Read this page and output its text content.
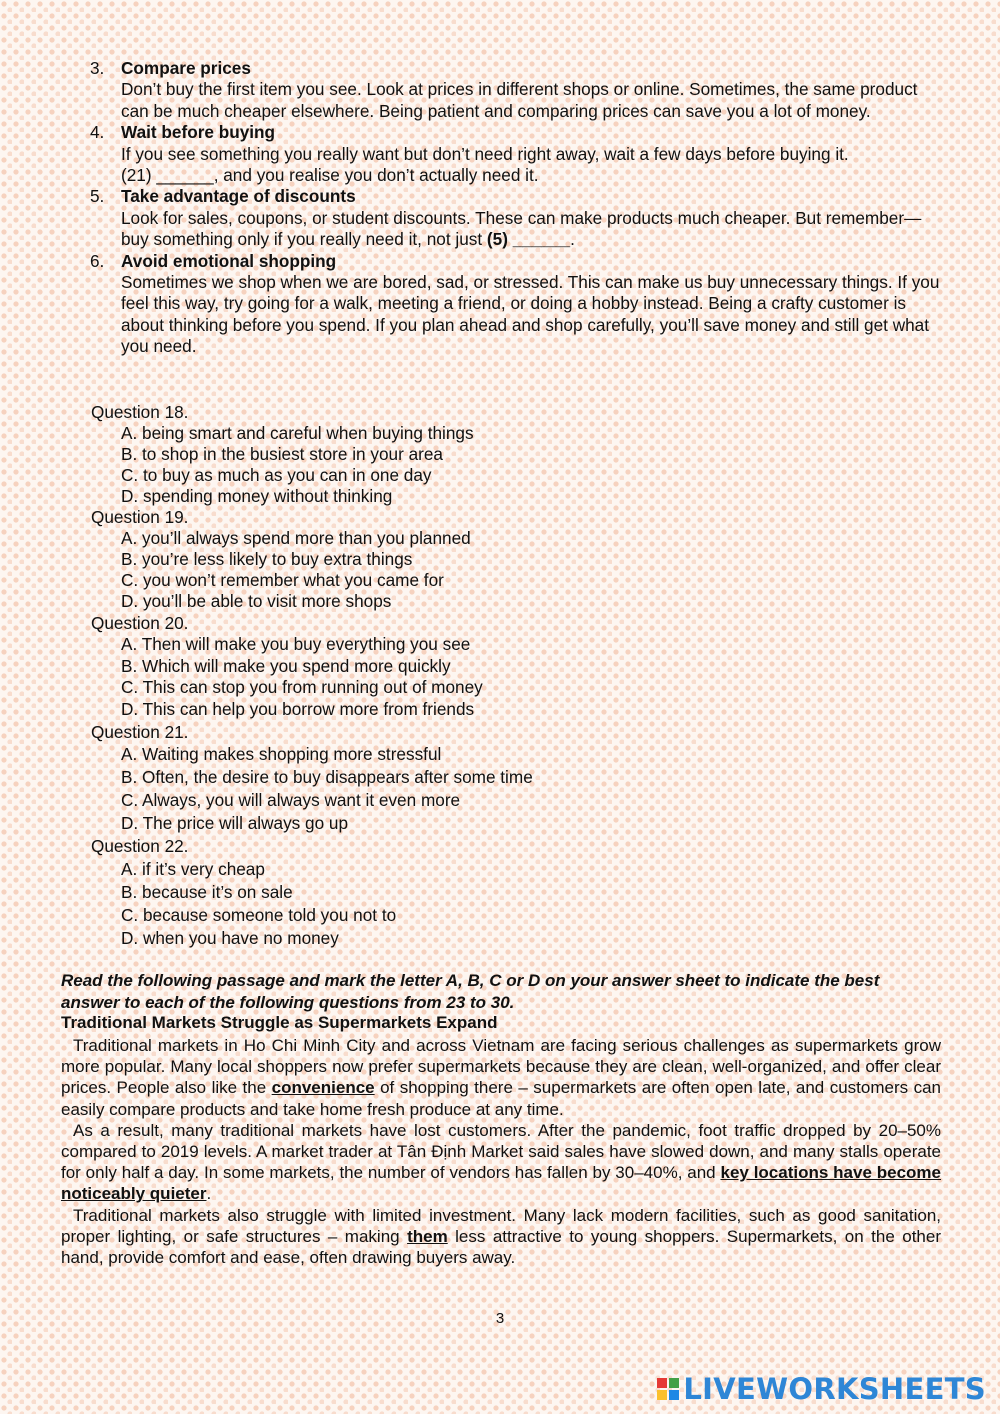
3. Compare prices
Don’t buy the first item you see. Look at prices in different shops or online. Sometimes, the same product can be much cheaper elsewhere. Being patient and comparing prices can save you a lot of money.
4. Wait before buying
If you see something you really want but don’t need right away, wait a few days before buying it.
(21) ______, and you realise you don’t actually need it.
5. Take advantage of discounts
Look for sales, coupons, or student discounts. These can make products much cheaper. But remember—buy something only if you really need it, not just (5) ______.
6. Avoid emotional shopping
Sometimes we shop when we are bored, sad, or stressed. This can make us buy unnecessary things. If you feel this way, try going for a walk, meeting a friend, or doing a hobby instead. Being a crafty customer is about thinking before you spend. If you plan ahead and shop carefully, you’ll save money and still get what you need.
Question 18.
A. being smart and careful when buying things
B. to shop in the busiest store in your area
C. to buy as much as you can in one day
D. spending money without thinking
Question 19.
A. you’ll always spend more than you planned
B. you’re less likely to buy extra things
C. you won’t remember what you came for
D. you’ll be able to visit more shops
Question 20.
A. Then will make you buy everything you see
B. Which will make you spend more quickly
C. This can stop you from running out of money
D. This can help you borrow more from friends
Question 21.
A. Waiting makes shopping more stressful
B. Often, the desire to buy disappears after some time
C. Always, you will always want it even more
D. The price will always go up
Question 22.
A. if it’s very cheap
B. because it’s on sale
C. because someone told you not to
D. when you have no money
Read the following passage and mark the letter A, B, C or D on your answer sheet to indicate the best answer to each of the following questions from 23 to 30.
Traditional Markets Struggle as Supermarkets Expand

Traditional markets in Ho Chi Minh City and across Vietnam are facing serious challenges as supermarkets grow more popular. Many local shoppers now prefer supermarkets because they are clean, well-organized, and offer clear prices. People also like the convenience of shopping there – supermarkets are often open late, and customers can easily compare products and take home fresh produce at any time.

As a result, many traditional markets have lost customers. After the pandemic, foot traffic dropped by 20–50% compared to 2019 levels. A market trader at Tân Định Market said sales have slowed down, and many stalls operate for only half a day. In some markets, the number of vendors has fallen by 30–40%, and key locations have become noticeably quieter.

Traditional markets also struggle with limited investment. Many lack modern facilities, such as good sanitation, proper lighting, or safe structures – making them less attractive to young shoppers. Supermarkets, on the other hand, provide comfort and ease, often drawing buyers away.

3
LIVEWORKSHEETS
